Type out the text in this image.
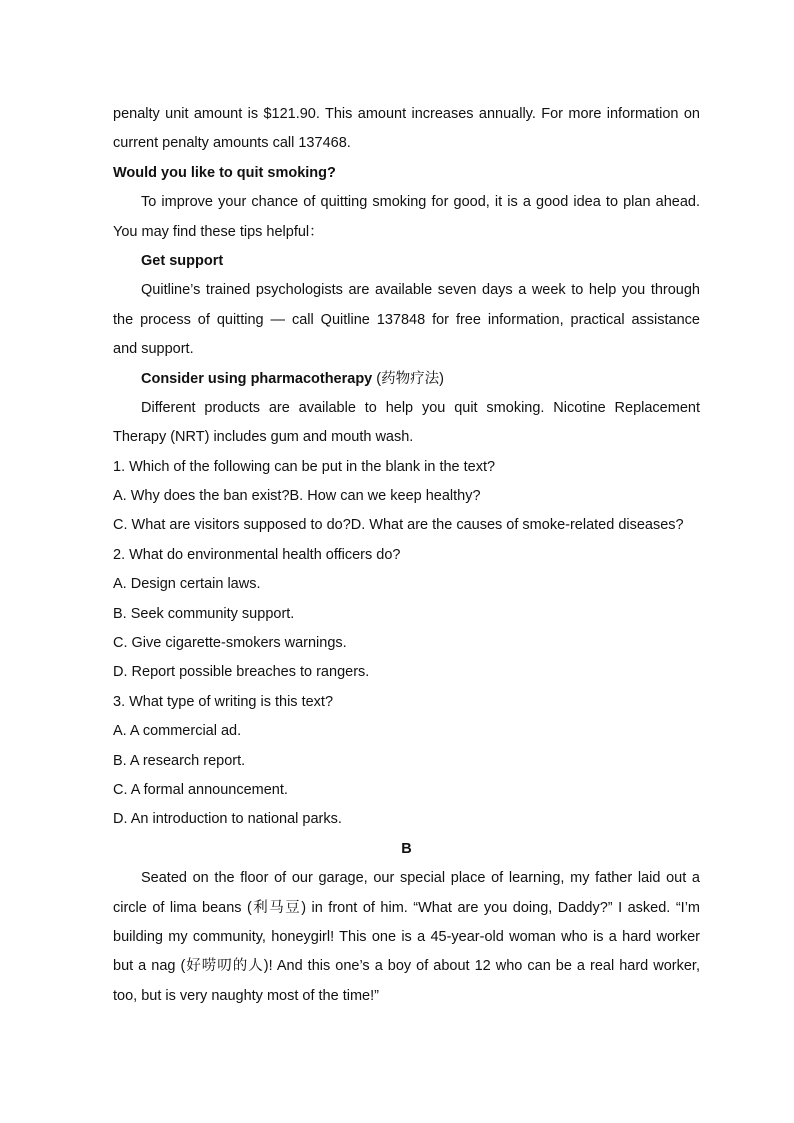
penalty unit amount is $121.90. This amount increases annually. For more information on
current penalty amounts call 137468.
Would you like to quit smoking?
To improve your chance of quitting smoking for good, it is a good idea to plan ahead.
You may find these tips helpful：
Get support
Quitline’s trained psychologists are available seven days a week to help you through
the process of quitting — call Quitline 137848 for free information, practical assistance
and support.
Consider using pharmacotherapy (药物疗法)
Different products are available to help you quit smoking. Nicotine Replacement
Therapy (NRT) includes gum and mouth wash.
1. Which of the following can be put in the blank in the text?
A. Why does the ban exist?B. How can we keep healthy?
C. What are visitors supposed to do?D. What are the causes of smoke-related diseases?
2. What do environmental health officers do?
A. Design certain laws.
B. Seek community support.
C. Give cigarette-smokers warnings.
D. Report possible breaches to rangers.
3. What type of writing is this text?
A. A commercial ad.
B. A research report.
C. A formal announcement.
D. An introduction to national parks.
B
Seated on the floor of our garage, our special place of learning, my father laid out a
circle of lima beans (利马豆) in front of him. “What are you doing, Daddy?” I asked. “I’m
building my community, honeygirl! This one is a 45-year-old woman who is a hard worker
but a nag (好唠叨的人)! And this one’s a boy of about 12 who can be a real hard worker,
too, but is very naughty most of the time!”
